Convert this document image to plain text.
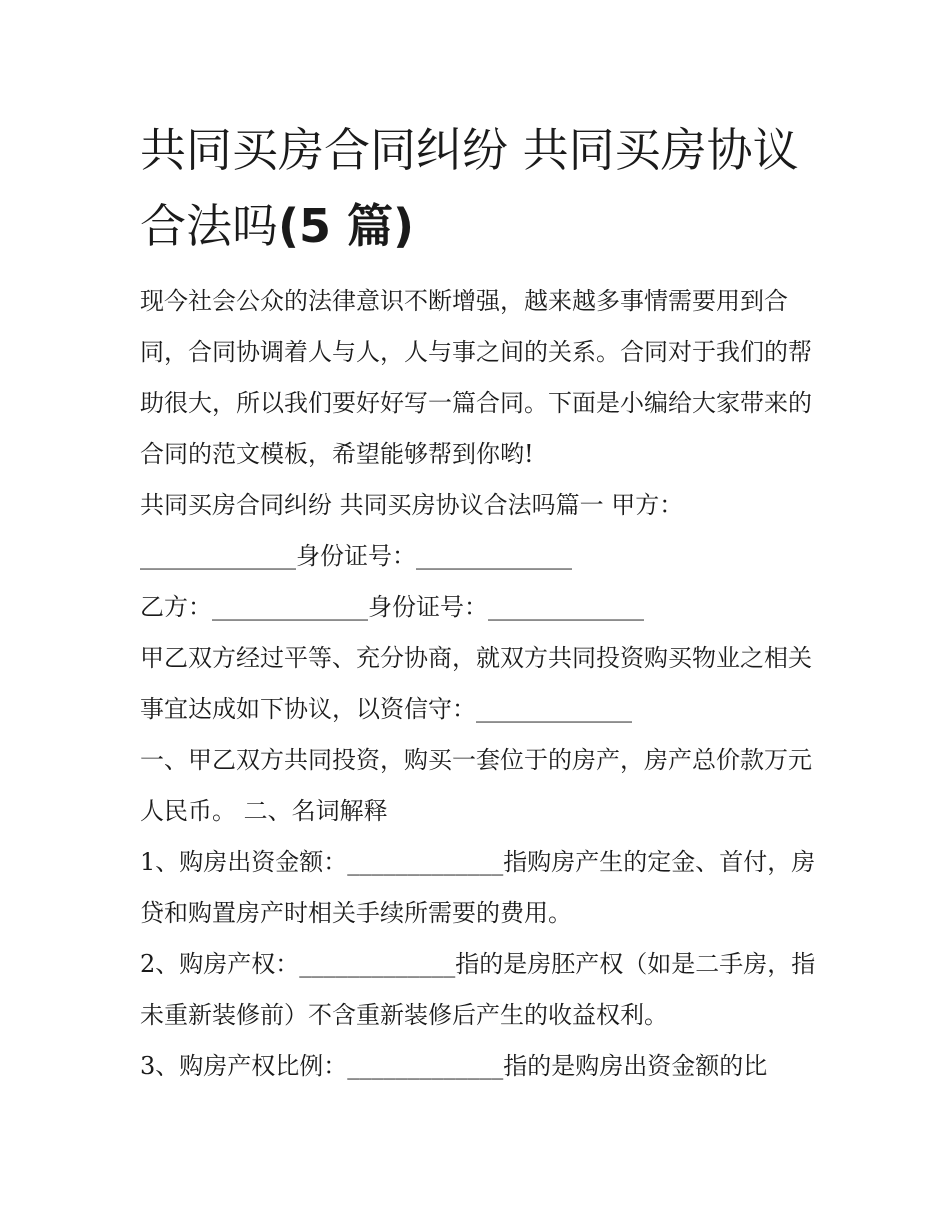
共同买房合同纠纷 共同买房协议合法吗(5 篇)

现今社会公众的法律意识不断增强，越来越多事情需要用到合同，合同协调着人与人，人与事之间的关系。合同对于我们的帮助很大，所以我们要好好写一篇合同。下面是小编给大家带来的合同的范文模板，希望能够帮到你哟!

共同买房合同纠纷 共同买房协议合法吗篇一 甲方：

_____________身份证号：_____________

乙方：_____________身份证号：_____________

甲乙双方经过平等、充分协商，就双方共同投资购买物业之相关事宜达成如下协议，以资信守：_____________

一、甲乙双方共同投资，购买一套位于的房产，房产总价款万元人民币。 二、名词解释

1、购房出资金额：_____________指购房产生的定金、首付，房贷和购置房产时相关手续所需要的费用。

2、购房产权：_____________指的是房胚产权（如是二手房，指未重新装修前）不含重新装修后产生的收益权利。

3、购房产权比例：_____________指的是购房出资金额的比
